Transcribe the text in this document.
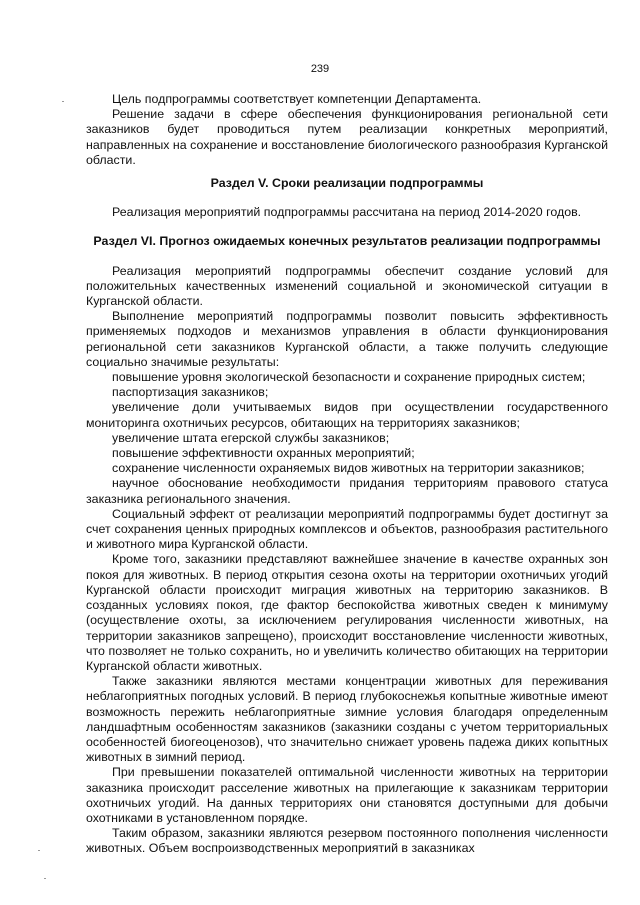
239

Цель подпрограммы соответствует компетенции Департамента.

Решение задачи в сфере обеспечения функционирования региональной сети заказников будет проводиться путем реализации конкретных мероприятий, направленных на сохранение и восстановление биологического разнообразия Курганской области.

Раздел V. Сроки реализации подпрограммы

Реализация мероприятий подпрограммы рассчитана на период 2014-2020 годов.

Раздел VI. Прогноз ожидаемых конечных результатов реализации подпрограммы

Реализация мероприятий подпрограммы обеспечит создание условий для положительных качественных изменений социальной и экономической ситуации в Курганской области.

Выполнение мероприятий подпрограммы позволит повысить эффективность применяемых подходов и механизмов управления в области функционирования региональной сети заказников Курганской области, а также получить следующие социально значимые результаты:

повышение уровня экологической безопасности и сохранение природных систем;

паспортизация заказников;

увеличение доли учитываемых видов при осуществлении государственного мониторинга охотничьих ресурсов, обитающих на территориях заказников;

увеличение штата егерской службы заказников;

повышение эффективности охранных мероприятий;

сохранение численности охраняемых видов животных на территории заказников;

научное обоснование необходимости придания территориям правового статуса заказника регионального значения.

Социальный эффект от реализации мероприятий подпрограммы будет достигнут за счет сохранения ценных природных комплексов и объектов, разнообразия растительного и животного мира Курганской области.

Кроме того, заказники представляют важнейшее значение в качестве охранных зон покоя для животных. В период открытия сезона охоты на территории охотничьих угодий Курганской области происходит миграция животных на территорию заказников. В созданных условиях покоя, где фактор беспокойства животных сведен к минимуму (осуществление охоты, за исключением регулирования численности животных, на территории заказников запрещено), происходит восстановление численности животных, что позволяет не только сохранить, но и увеличить количество обитающих на территории Курганской области животных.

Также заказники являются местами концентрации животных для переживания неблагоприятных погодных условий. В период глубокоснежья копытные животные имеют возможность пережить неблагоприятные зимние условия благодаря определенным ландшафтным особенностям заказников (заказники созданы с учетом территориальных особенностей биогеоценозов), что значительно снижает уровень падежа диких копытных животных в зимний период.

При превышении показателей оптимальной численности животных на территории заказника происходит расселение животных на прилегающие к заказникам территории охотничьих угодий. На данных территориях они становятся доступными для добычи охотниками в установленном порядке.

Таким образом, заказники являются резервом постоянного пополнения численности животных. Объем воспроизводственных мероприятий в заказниках
